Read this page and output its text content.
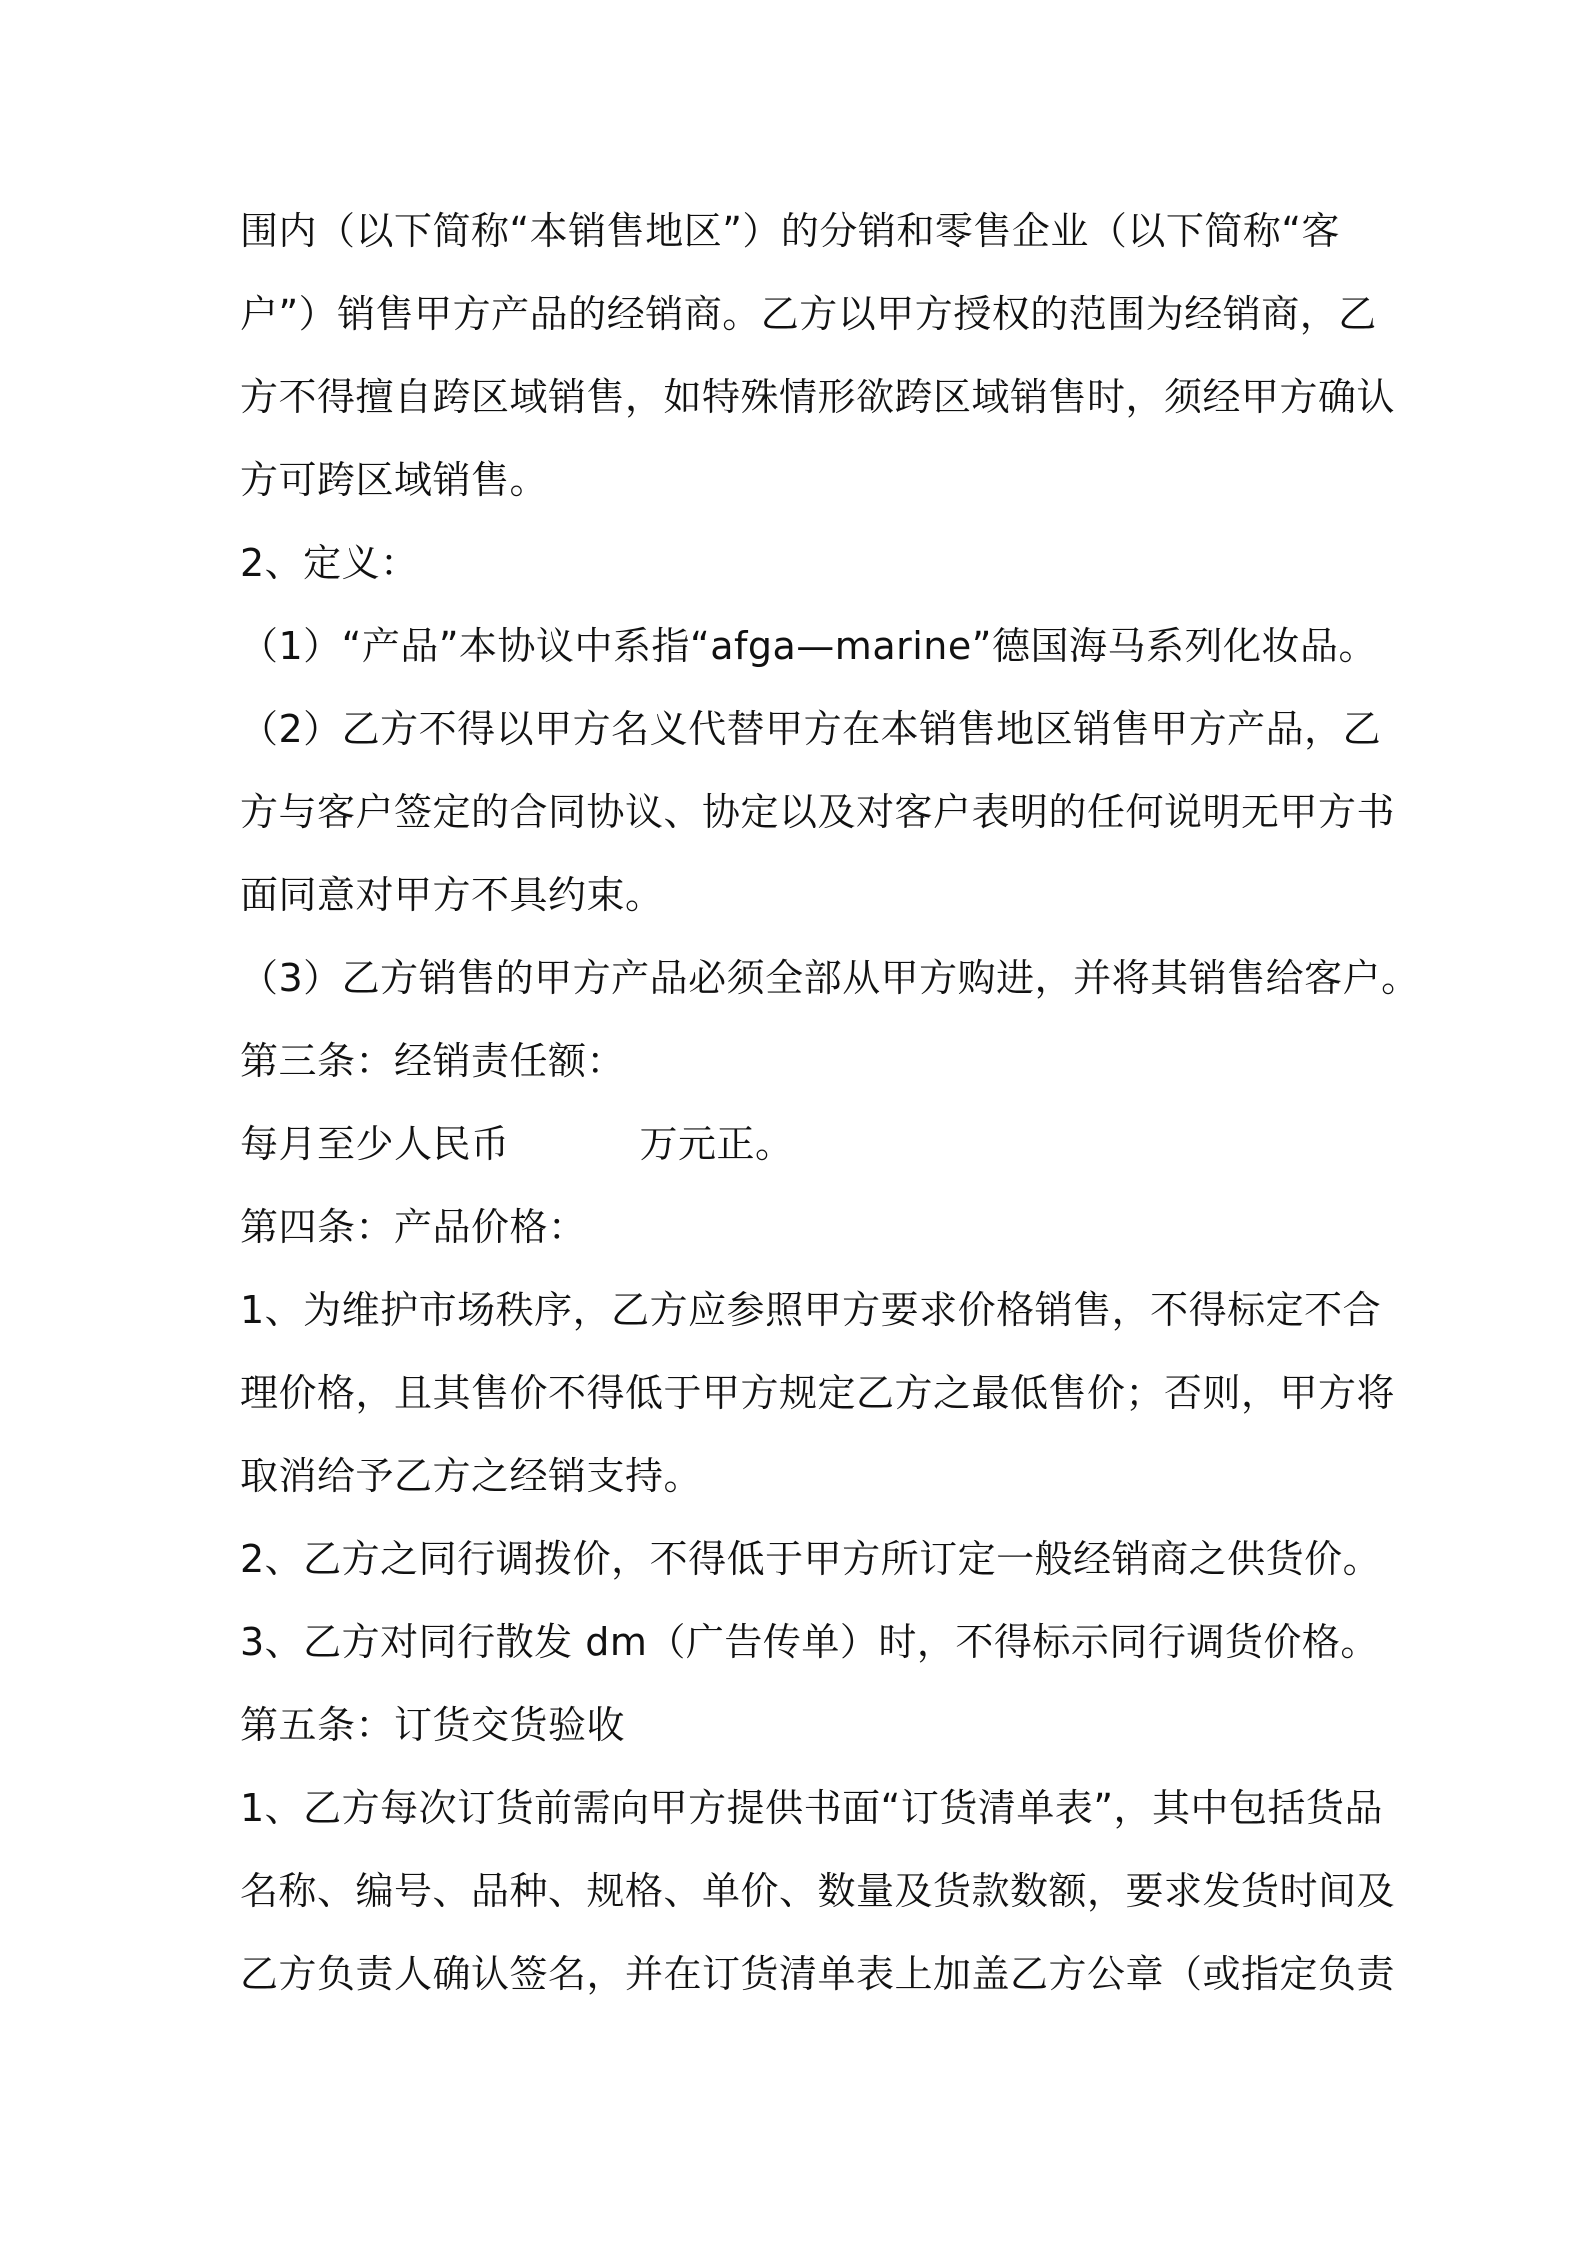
围内（以下简称“本销售地区”）的分销和零售企业（以下简称“客
户”）销售甲方产品的经销商。乙方以甲方授权的范围为经销商，乙
方不得擅自跨区域销售，如特殊情形欲跨区域销售时，须经甲方确认
方可跨区域销售。
2、定义：
（1）“产品”本协议中系指“afga—marine”德国海马系列化妆品。
（2）乙方不得以甲方名义代替甲方在本销售地区销售甲方产品，乙
方与客户签定的合同协议、协定以及对客户表明的任何说明无甲方书
面同意对甲方不具约束。
（3）乙方销售的甲方产品必须全部从甲方购进，并将其销售给客户。
第三条：经销责任额：
每月至少人民币	万元正。
第四条：产品价格：
1、为维护市场秩序，乙方应参照甲方要求价格销售，不得标定不合
理价格，且其售价不得低于甲方规定乙方之最低售价；否则，甲方将
取消给予乙方之经销支持。
2、乙方之同行调拨价，不得低于甲方所订定一般经销商之供货价。
3、乙方对同行散发 dm（广告传单）时，不得标示同行调货价格。
第五条：订货交货验收
1、乙方每次订货前需向甲方提供书面“订货清单表”，其中包括货品
名称、编号、品种、规格、单价、数量及货款数额，要求发货时间及
乙方负责人确认签名，并在订货清单表上加盖乙方公章（或指定负责
